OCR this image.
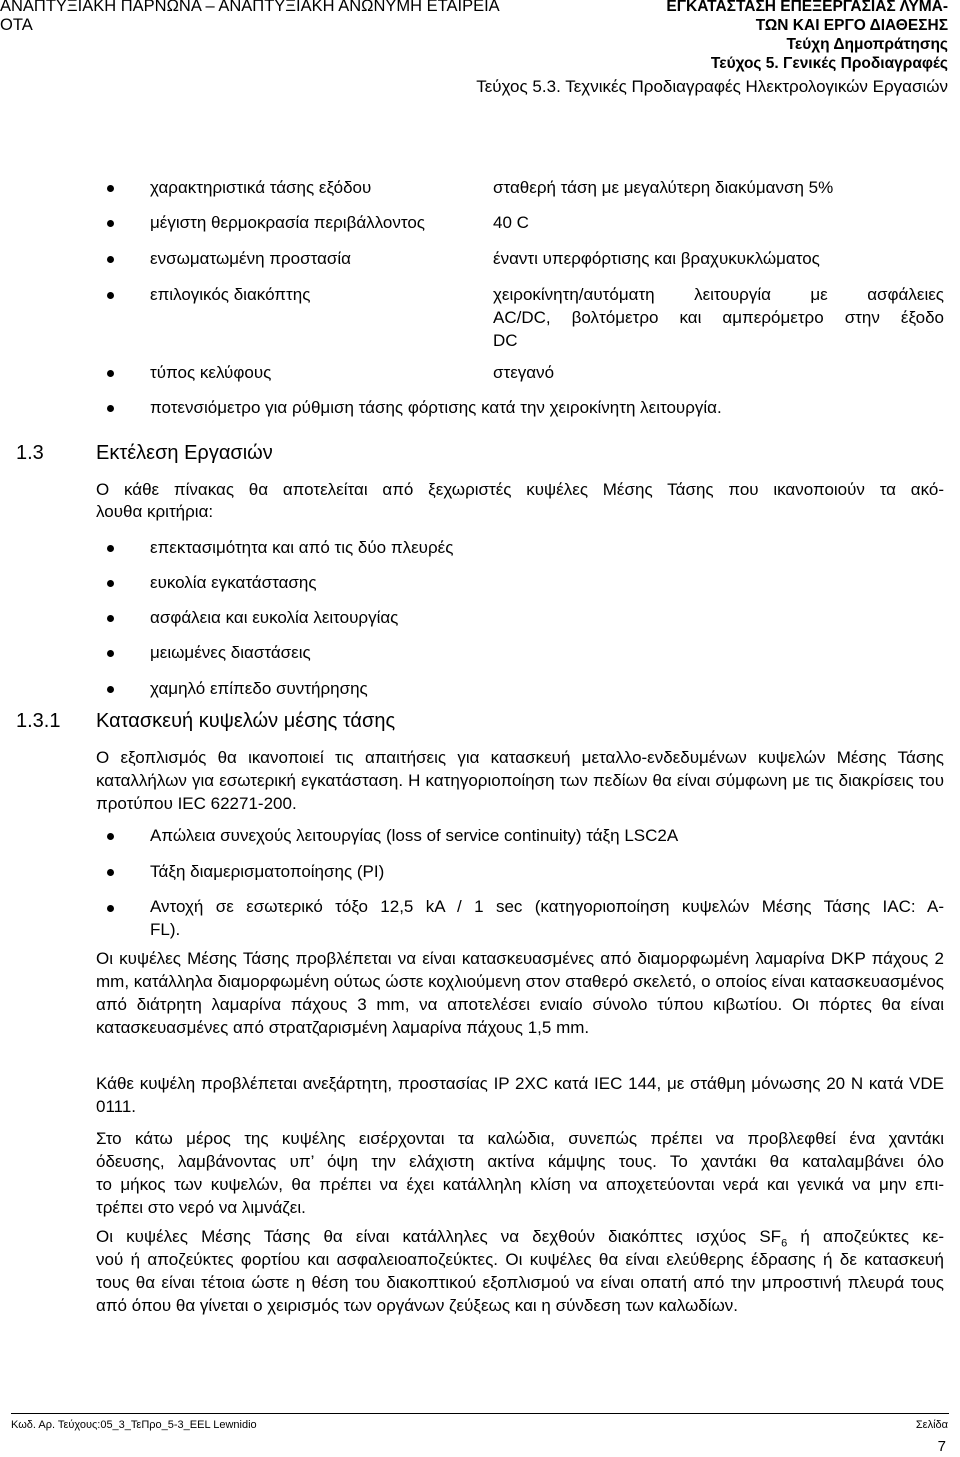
ΑΝΑΠΤΥΞΙΑΚΗ ΠΑΡΝΩΝΑ – ΑΝΑΠΤΥΞΙΑΚΗ ΑΝΩΝΥΜΗ ΕΤΑΙΡΕΙΑ
ΟΤΑ
ΕΓΚΑΤΑΣΤΑΣΗ ΕΠΕΞΕΡΓΑΣΙΑΣ ΛΥΜΑ-
ΤΩΝ ΚΑΙ ΕΡΓΟ ΔΙΑΘΕΣΗΣ
Τεύχη Δημοπράτησης
Τεύχος 5. Γενικές Προδιαγραφές
Τεύχος 5.3. Τεχνικές Προδιαγραφές Ηλεκτρολογικών Εργασιών
χαρακτηριστικά τάσης εξόδου	σταθερή τάση με μεγαλύτερη διακύμανση 5%
μέγιστη θερμοκρασία περιβάλλοντος	40 C
ενσωματωμένη προστασία	έναντι υπερφόρτισης και βραχυκυκλώματος
επιλογικός διακόπτης	χειροκίνητη/αυτόματη λειτουργία με ασφάλειες
AC/DC, βολτόμετρο και αμπερόμετρο στην έξοδο
DC
τύπος κελύφους	στεγανό
ποτενσιόμετρο για ρύθμιση τάσης φόρτισης κατά την χειροκίνητη λειτουργία.
1.3	Εκτέλεση Εργασιών
Ο κάθε πίνακας θα αποτελείται από ξεχωριστές κυψέλες Μέσης Τάσης που ικανοποιούν τα ακό-
λουθα κριτήρια:
επεκτασιμότητα και από τις δύο πλευρές
ευκολία εγκατάστασης
ασφάλεια και ευκολία λειτουργίας
μειωμένες διαστάσεις
χαμηλό επίπεδο συντήρησης
1.3.1 Κατασκευή κυψελών μέσης τάσης
Ο εξοπλισμός θα ικανοποιεί τις απαιτήσεις για κατασκευή μεταλλο-ενδεδυμένων κυψελών Μέσης Τάσης καταλλήλων για εσωτερική εγκατάσταση. Η κατηγοριοποίηση των πεδίων θα είναι σύμφωνη με τις διακρίσεις του προτύπου IEC 62271-200.
Απώλεια συνεχούς λειτουργίας (loss of service continuity) τάξη LSC2A
Τάξη διαμερισματοποίησης (PI)
Αντοχή σε εσωτερικό τόξο 12,5 kA / 1 sec (κατηγοριοποίηση κυψελών Μέσης Τάσης IAC: A-
FL).
Οι κυψέλες Μέσης Τάσης προβλέπεται να είναι κατασκευασμένες από διαμορφωμένη λαμαρίνα DKP πάχους 2 mm, κατάλληλα διαμορφωμένη ούτως ώστε κοχλιούμενη στον σταθερό σκελετό, ο οποίος είναι κατασκευασμένος από διάτρητη λαμαρίνα πάχους 3 mm, να αποτελέσει ενιαίο σύνολο τύπου κιβωτίου. Οι πόρτες θα είναι κατασκευασμένες από στρατζαρισμένη λαμαρίνα πάχους 1,5 mm.
Κάθε κυψέλη προβλέπεται ανεξάρτητη, προστασίας IP 2XC κατά IEC 144, με στάθμη μόνωσης 20 N κατά VDE 0111.
Στο κάτω μέρος της κυψέλης εισέρχονται τα καλώδια, συνεπώς πρέπει να προβλεφθεί ένα χαντάκι
όδευσης, λαμβάνοντας υπ’ όψη την ελάχιστη ακτίνα κάμψης τους. Το χαντάκι θα καταλαμβάνει όλο
το μήκος των κυψελών, θα πρέπει να έχει κατάλληλη κλίση να αποχετεύονται νερά και γενικά να μην επι-
τρέπει στο νερό να λιμνάζει.
Οι κυψέλες Μέσης Τάσης θα είναι κατάλληλες να δεχθούν διακόπτες ισχύος $SF_6$ ή αποζεύκτες κε-
νού ή αποζεύκτες φορτίου και ασφαλειοαποζεύκτες. Οι κυψέλες θα είναι ελεύθερης έδρασης ή δε κατασκευή τους θα είναι τέτοια ώστε η θέση του διακοπτικού εξοπλισμού να είναι οπατή από την μπροστινή πλευρά τους από όπου θα γίνεται ο χειρισμός των οργάνων ζεύξεως και η σύνδεση των καλωδίων.
Κωδ. Αρ. Τεύχους:05_3_ΤεΠρο_5-3_EEL Lewnidio	Σελίδα
7
